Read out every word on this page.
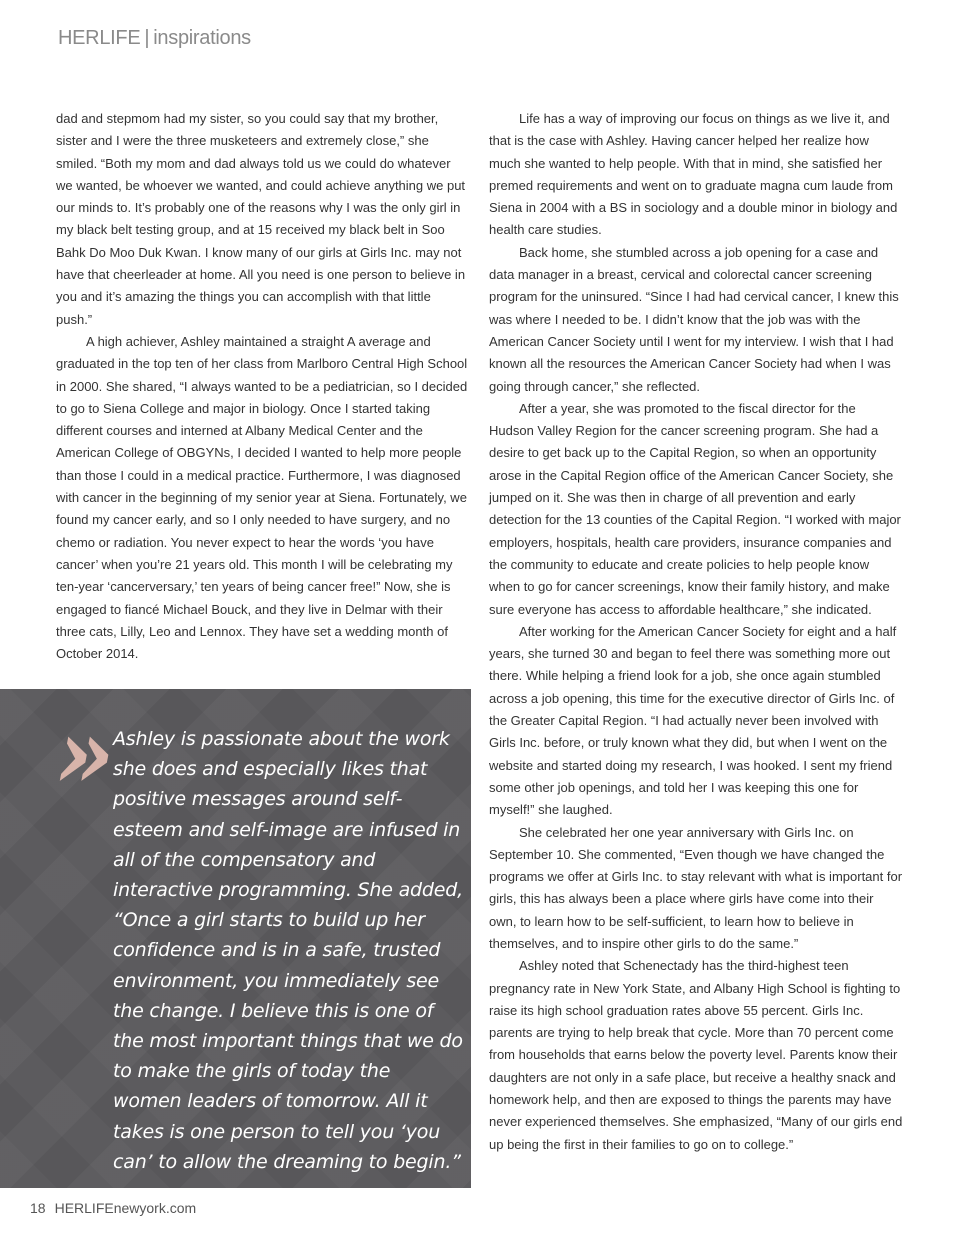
HERLIFE | inspirations

dad and stepmom had my sister, so you could say that my brother, sister and I were the three musketeers and extremely close,” she smiled. “Both my mom and dad always told us we could do whatever we wanted, be whoever we wanted, and could achieve anything we put our minds to. It’s probably one of the reasons why I was the only girl in my black belt testing group, and at 15 received my black belt in Soo Bahk Do Moo Duk Kwan. I know many of our girls at Girls Inc. may not have that cheerleader at home. All you need is one person to believe in you and it’s amazing the things you can accomplish with that little push.”

A high achiever, Ashley maintained a straight A average and graduated in the top ten of her class from Marlboro Central High School in 2000. She shared, “I always wanted to be a pediatrician, so I decided to go to Siena College and major in biology. Once I started taking different courses and interned at Albany Medical Center and the American College of OBGYNs, I decided I wanted to help more people than those I could in a medical practice. Furthermore, I was diagnosed with cancer in the beginning of my senior year at Siena. Fortunately, we found my cancer early, and so I only needed to have surgery, and no chemo or radiation. You never expect to hear the words ‘you have cancer’ when you’re 21 years old. This month I will be celebrating my ten-year ‘cancerversary,’ ten years of being cancer free!” Now, she is engaged to fiancé Michael Bouck, and they live in Delmar with their three cats, Lilly, Leo and Lennox. They have set a wedding month of October 2014.

Life has a way of improving our focus on things as we live it, and that is the case with Ashley. Having cancer helped her realize how much she wanted to help people. With that in mind, she satisfied her premed requirements and went on to graduate magna cum laude from Siena in 2004 with a BS in sociology and a double minor in biology and health care studies.

Back home, she stumbled across a job opening for a case and data manager in a breast, cervical and colorectal cancer screening program for the uninsured. “Since I had had cervical cancer, I knew this was where I needed to be. I didn’t know that the job was with the American Cancer Society until I went for my interview. I wish that I had known all the resources the American Cancer Society had when I was going through cancer,” she reflected.

After a year, she was promoted to the fiscal director for the Hudson Valley Region for the cancer screening program. She had a desire to get back up to the Capital Region, so when an opportunity arose in the Capital Region office of the American Cancer Society, she jumped on it. She was then in charge of all prevention and early detection for the 13 counties of the Capital Region. “I worked with major employers, hospitals, health care providers, insurance companies and the community to educate and create policies to help people know when to go for cancer screenings, know their family history, and make sure everyone has access to affordable healthcare,” she indicated.

After working for the American Cancer Society for eight and a half years, she turned 30 and began to feel there was something more out there. While helping a friend look for a job, she once again stumbled across a job opening, this time for the executive director of Girls Inc. of the Greater Capital Region. “I had actually never been involved with Girls Inc. before, or truly known what they did, but when I went on the website and started doing my research, I was hooked. I sent my friend some other job openings, and told her I was keeping this one for myself!” she laughed.

She celebrated her one year anniversary with Girls Inc. on September 10. She commented, “Even though we have changed the programs we offer at Girls Inc. to stay relevant with what is important for girls, this has always been a place where girls have come into their own, to learn how to be self-sufficient, to learn how to believe in themselves, and to inspire other girls to do the same.”

Ashley noted that Schenectady has the third-highest teen pregnancy rate in New York State, and Albany High School is fighting to raise its high school graduation rates above 55 percent. Girls Inc. parents are trying to help break that cycle. More than 70 percent come from households that earns below the poverty level. Parents know their daughters are not only in a safe place, but receive a healthy snack and homework help, and then are exposed to things the parents may have never experienced themselves. She emphasized, “Many of our girls end up being the first in their families to go on to college.”

»
Ashley is passionate about the work she does and especially likes that positive messages around self-esteem and self-image are infused in all of the compensatory and interactive programming. She added, “Once a girl starts to build up her confidence and is in a safe, trusted environment, you immediately see the change. I believe this is one of the most important things that we do to make the girls of today the women leaders of tomorrow. All it takes is one person to tell you ‘you can’ to allow the dreaming to begin.”
18 HERLIFEnewyork.com
